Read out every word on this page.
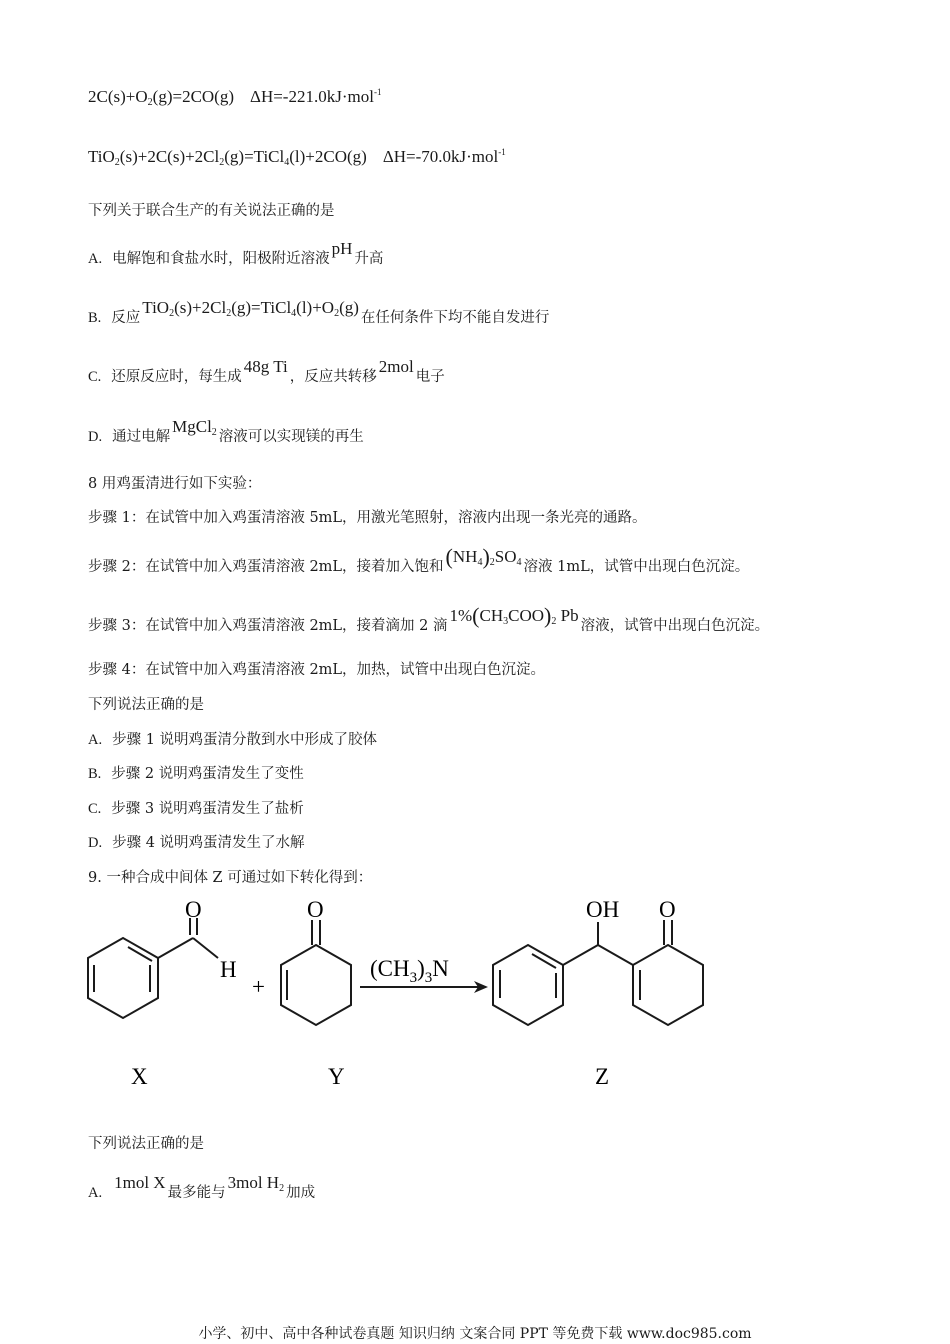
$2C(s)+O_2(g)=2CO(g)$ ΔH=-221.0kJ·mol$^{-1}$
$TiO_2(s)+2C(s)+2Cl_2(g)=TiCl_4(l)+2CO(g)$ ΔH=-70.0kJ·mol$^{-1}$
下列关于联合生产的有关说法正确的是
A. 电解饱和食盐水时，阳极附近溶液pH升高
B. 反应$TiO_2(s)+2Cl_2(g)=TiCl_4(l)+O_2(g)$在任何条件下均不能自发进行
C. 还原反应时，每生成48g Ti，反应共转移2mol电子
D. 通过电解MgCl$_2$ 溶液可以实现镁的再生
8 用鸡蛋清进行如下实验：
步骤 1：在试管中加入鸡蛋清溶液 5mL，用激光笔照射，溶液内出现一条光亮的通路。
步骤 2：在试管中加入鸡蛋清溶液 2mL，接着加入饱和$(NH_4)_2SO_4$ 溶液 1mL，试管中出现白色沉淀。
步骤 3：在试管中加入鸡蛋清溶液 2mL，接着滴加 2 滴$1\%(CH_3COO)_2$ Pb溶液，试管中出现白色沉淀。
步骤 4：在试管中加入鸡蛋清溶液 2mL，加热，试管中出现白色沉淀。
下列说法正确的是
A. 步骤 1 说明鸡蛋清分散到水中形成了胶体
B. 步骤 2 说明鸡蛋清发生了变性
C. 步骤 3 说明鸡蛋清发生了盐析
D. 步骤 4 说明鸡蛋清发生了水解
9. 一种合成中间体 Z 可通过如下转化得到：
O
H
+
O
$(CH_3)_3N$
OH O
X	Y	Z
下列说法正确的是
A.1mol X最多能与3mol $H_2$ 加成
小学、初中、高中各种试卷真题 知识归纳 文案合同 PPT 等免费下载 www.doc985.com
